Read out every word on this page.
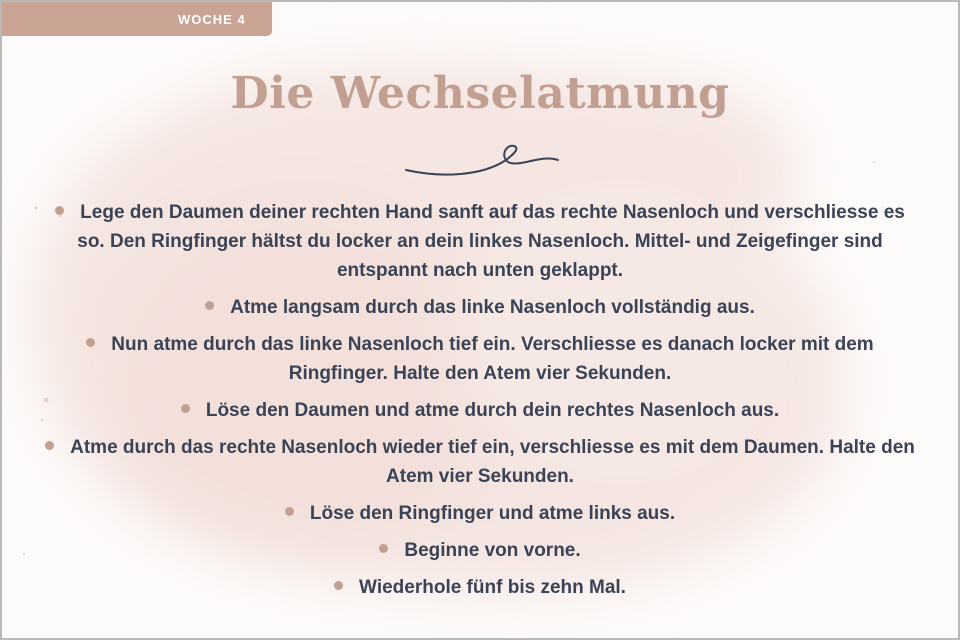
WOCHE 4
Die Wechselatmung
Lege den Daumen deiner rechten Hand sanft auf das rechte Nasenloch und verschliesse es so. Den Ringfinger hältst du locker an dein linkes Nasenloch. Mittel- und Zeigefinger sind entspannt nach unten geklappt.
Atme langsam durch das linke Nasenloch vollständig aus.
Nun atme durch das linke Nasenloch tief ein. Verschliesse es danach locker mit dem Ringfinger. Halte den Atem vier Sekunden.
Löse den Daumen und atme durch dein rechtes Nasenloch aus.
Atme durch das rechte Nasenloch wieder tief ein, verschliesse es mit dem Daumen. Halte den Atem vier Sekunden.
Löse den Ringfinger und atme links aus.
Beginne von vorne.
Wiederhole fünf bis zehn Mal.
